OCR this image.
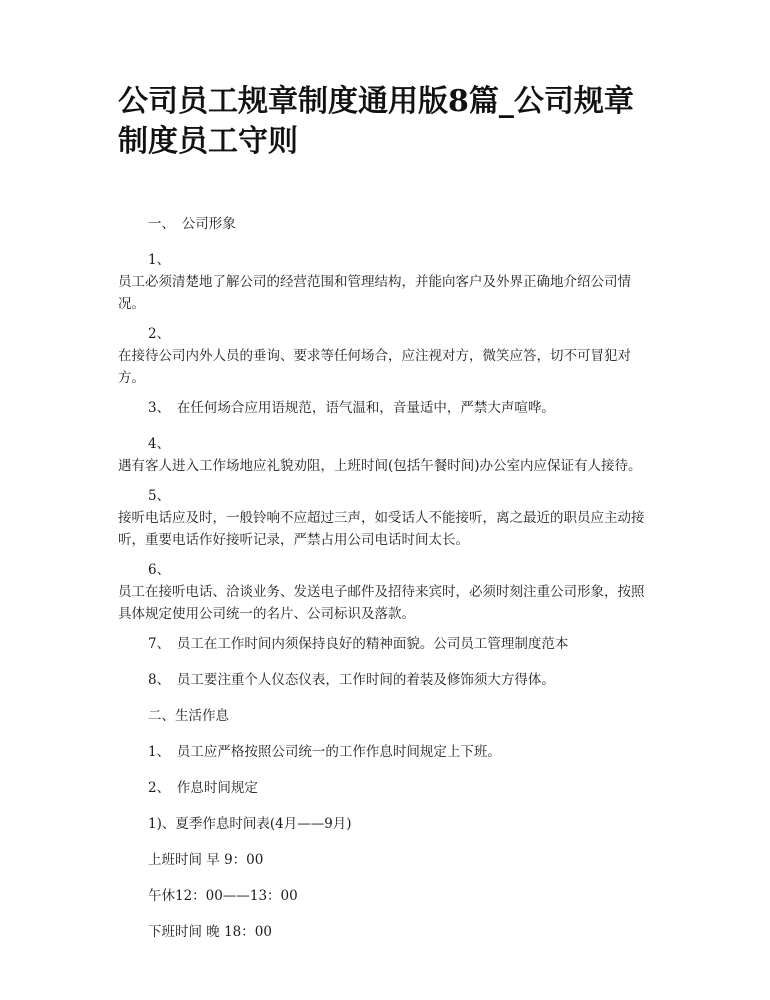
公司员工规章制度通用版8篇_公司规章制度员工守则

一、　公司形象

1、
员工必须清楚地了解公司的经营范围和管理结构，并能向客户及外界正确地介绍公司情况。
2、
在接待公司内外人员的垂询、要求等任何场合，应注视对方，微笑应答，切不可冒犯对方。

3、　在任何场合应用语规范，语气温和，音量适中，严禁大声喧哗。

4、
遇有客人进入工作场地应礼貌劝阻，上班时间(包括午餐时间)办公室内应保证有人接待。
5、
接听电话应及时，一般铃响不应超过三声，如受话人不能接听，离之最近的职员应主动接听，重要电话作好接听记录，严禁占用公司电话时间太长。
6、
员工在接听电话、洽谈业务、发送电子邮件及招待来宾时，必须时刻注重公司形象，按照具体规定使用公司统一的名片、公司标识及落款。

7、　员工在工作时间内须保持良好的精神面貌。公司员工管理制度范本

8、　员工要注重个人仪态仪表，工作时间的着装及修饰须大方得体。

二、生活作息

1、　员工应严格按照公司统一的工作作息时间规定上下班。

2、　作息时间规定

1)、夏季作息时间表(4月——9月)

上班时间 早 9：00

午休12：00——13：00

下班时间 晚 18：00
